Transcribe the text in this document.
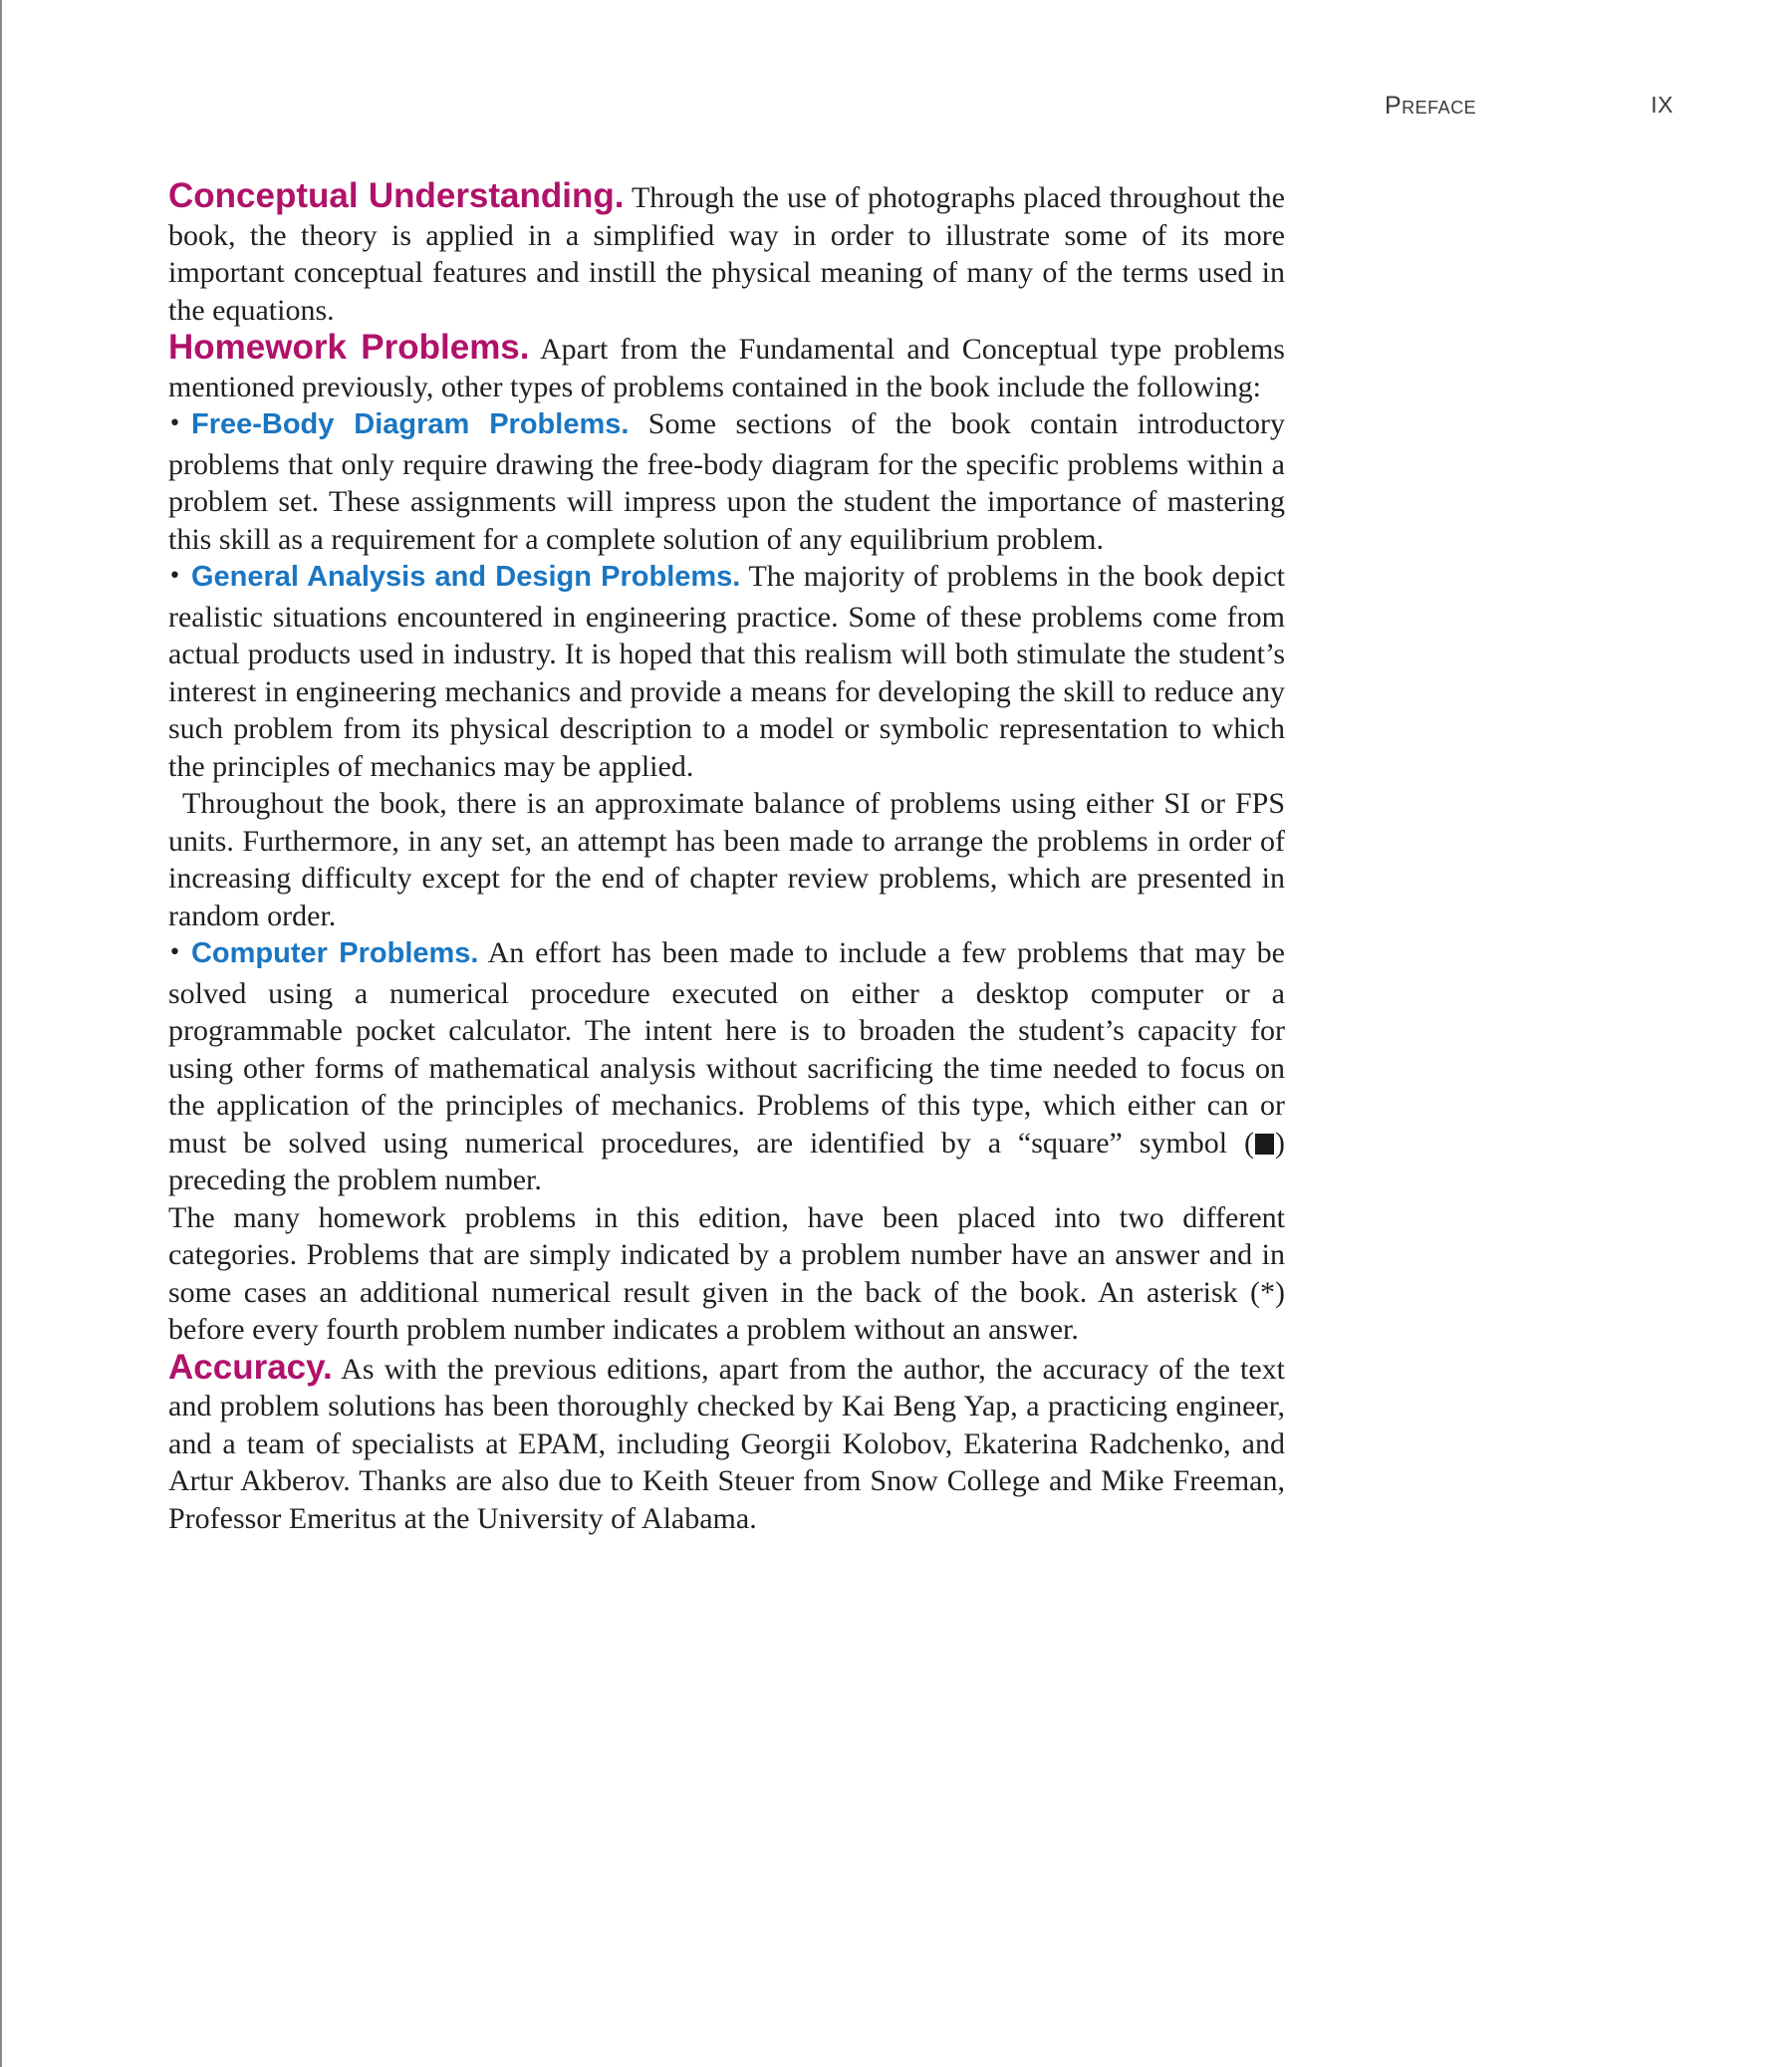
Preface	IX

Conceptual Understanding. Through the use of photographs placed throughout the book, the theory is applied in a simplified way in order to illustrate some of its more important conceptual features and instill the physical meaning of many of the terms used in the equations.

Homework Problems. Apart from the Fundamental and Conceptual type problems mentioned previously, other types of problems contained in the book include the following:

• Free-Body Diagram Problems. Some sections of the book contain introductory problems that only require drawing the free-body diagram for the specific problems within a problem set. These assignments will impress upon the student the importance of mastering this skill as a requirement for a complete solution of any equilibrium problem.

• General Analysis and Design Problems. The majority of problems in the book depict realistic situations encountered in engineering practice. Some of these problems come from actual products used in industry. It is hoped that this realism will both stimulate the student’s interest in engineering mechanics and provide a means for developing the skill to reduce any such problem from its physical description to a model or symbolic representation to which the principles of mechanics may be applied.

Throughout the book, there is an approximate balance of problems using either SI or FPS units. Furthermore, in any set, an attempt has been made to arrange the problems in order of increasing difficulty except for the end of chapter review problems, which are presented in random order.

• Computer Problems. An effort has been made to include a few problems that may be solved using a numerical procedure executed on either a desktop computer or a programmable pocket calculator. The intent here is to broaden the student’s capacity for using other forms of mathematical analysis without sacrificing the time needed to focus on the application of the principles of mechanics. Problems of this type, which either can or must be solved using numerical procedures, are identified by a “square” symbol ( ) preceding the problem number.

The many homework problems in this edition, have been placed into two different categories. Problems that are simply indicated by a problem number have an answer and in some cases an additional numerical result given in the back of the book. An asterisk (*) before every fourth problem number indicates a problem without an answer.

Accuracy. As with the previous editions, apart from the author, the accuracy of the text and problem solutions has been thoroughly checked by Kai Beng Yap, a practicing engineer, and a team of specialists at EPAM, including Georgii Kolobov, Ekaterina Radchenko, and Artur Akberov. Thanks are also due to Keith Steuer from Snow College and Mike Freeman, Professor Emeritus at the University of Alabama.
